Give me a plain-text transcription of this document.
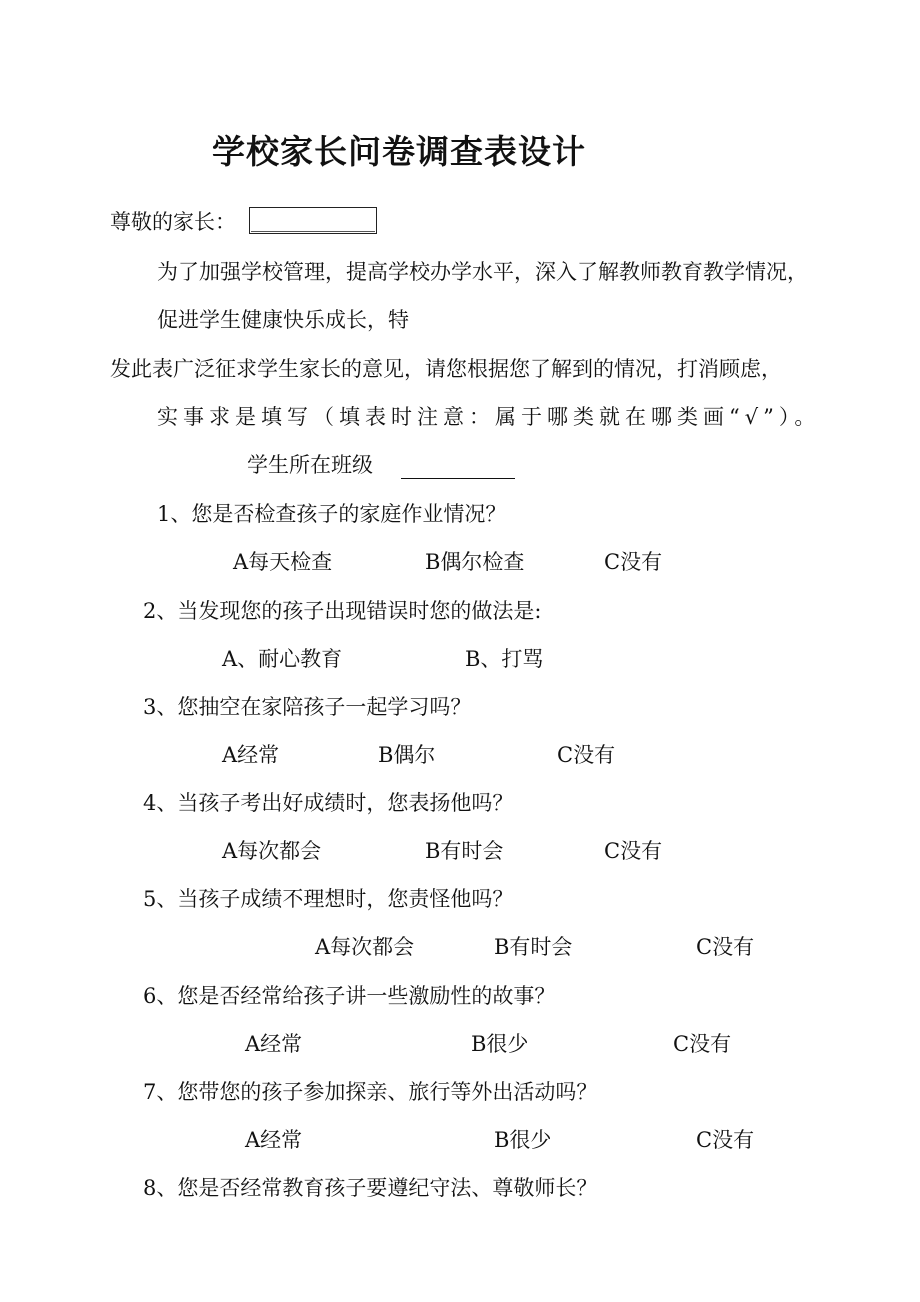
学校家长问卷调查表设计
尊敬的家长：
为了加强学校管理，提高学校办学水平，深入了解教师教育教学情况，
促进学生健康快乐成长，特
发此表广泛征求学生家长的意见，请您根据您了解到的情况，打消顾虑，
实事求是填写（填表时注意：属于哪类就在哪类画“√”）。
学生所在班级
1、您是否检查孩子的家庭作业情况？
A每天检查	B偶尔检查	C没有
2、当发现您的孩子出现错误时您的做法是:
A、耐心教育	B、打骂
3、您抽空在家陪孩子一起学习吗？
A经常	B偶尔	C没有
4、当孩子考出好成绩时，您表扬他吗？
A每次都会	B有时会	C没有
5、当孩子成绩不理想时，您责怪他吗？
A每次都会	B有时会	C没有
6、您是否经常给孩子讲一些激励性的故事？
A经常	B很少	C没有
7、您带您的孩子参加探亲、旅行等外出活动吗？
A经常	B很少	C没有
8、您是否经常教育孩子要遵纪守法、尊敬师长？
